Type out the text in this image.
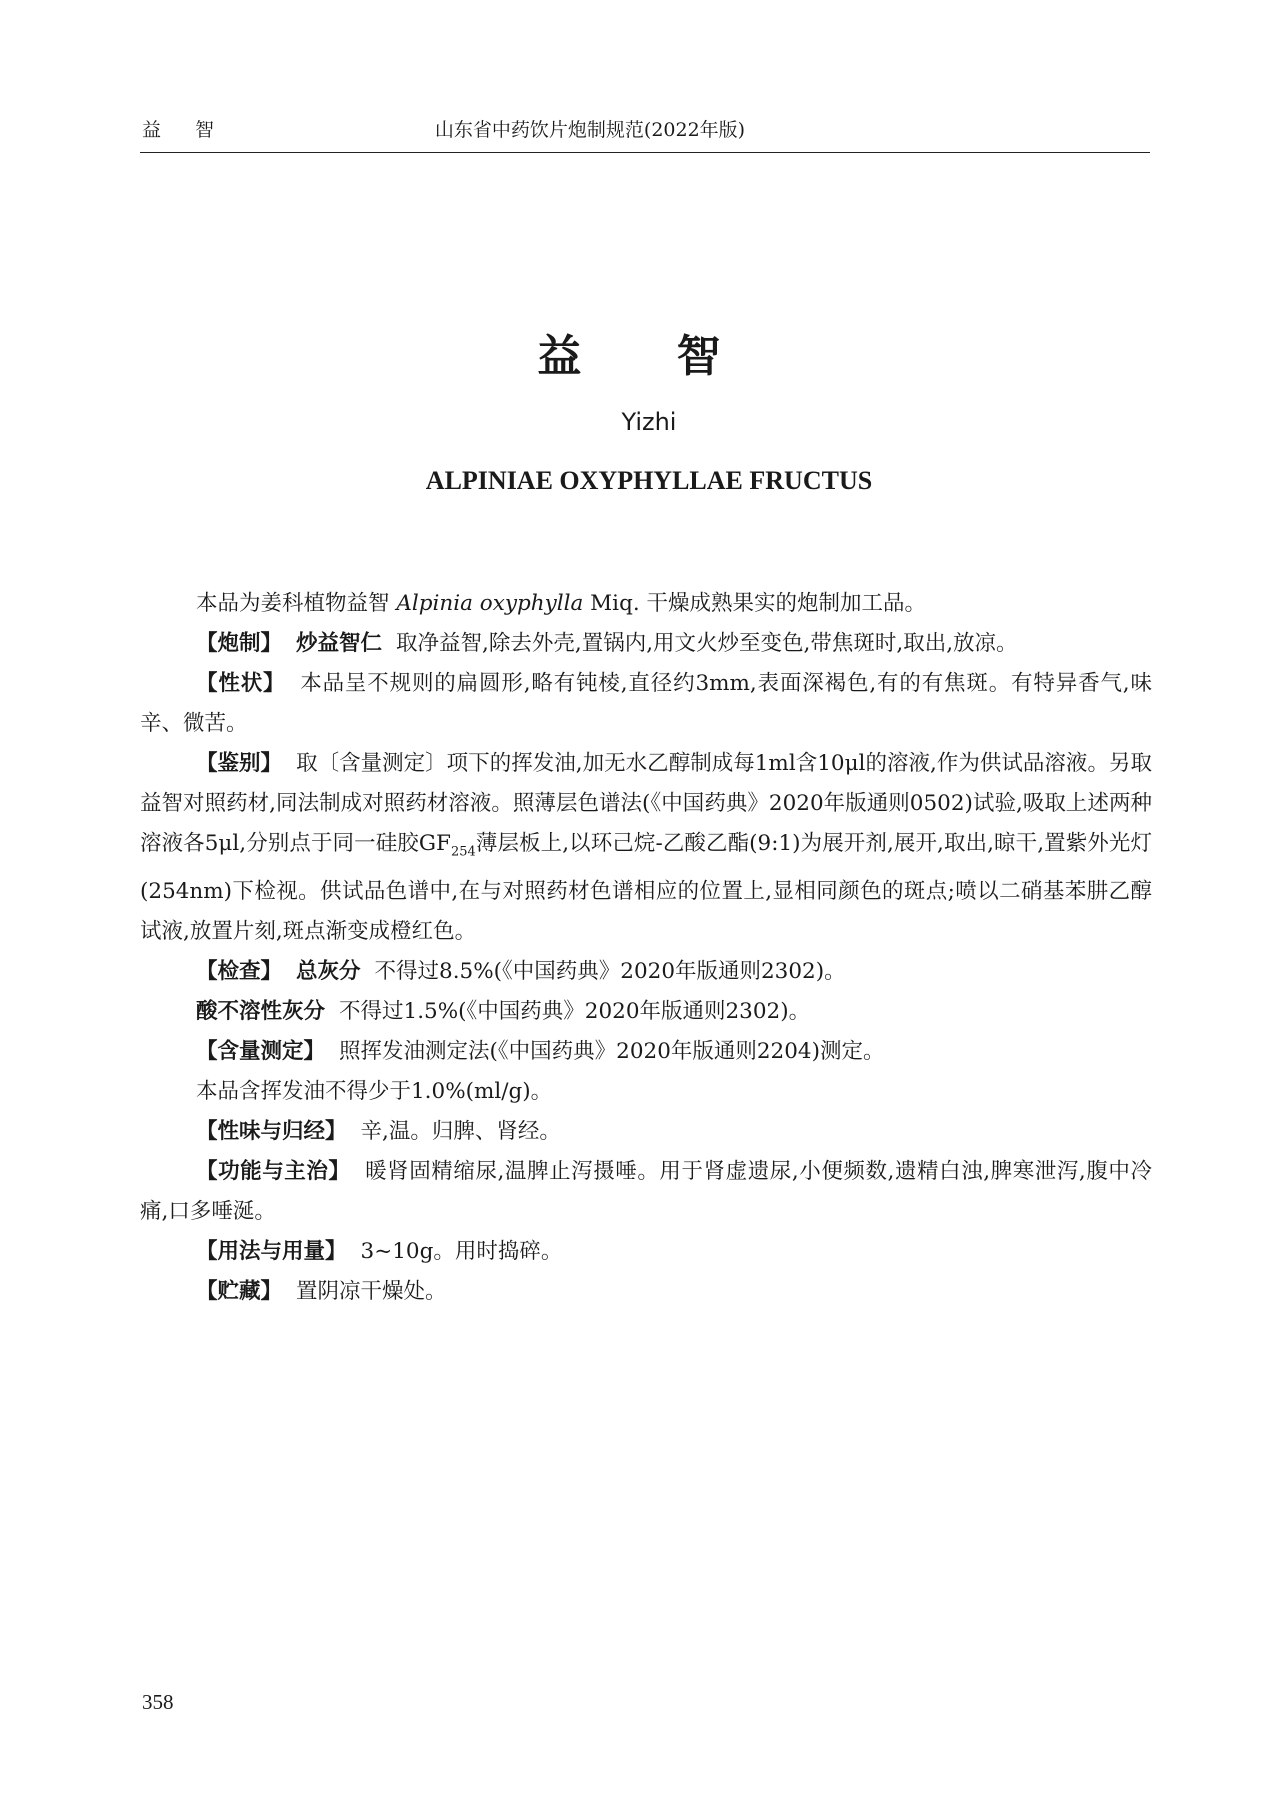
益 智	山东省中药饮片炮制规范(2022年版)
益 智
Yizhi
ALPINIAE OXYPHYLLAE FRUCTUS

本品为姜科植物益智 Alpinia oxyphylla Miq. 干燥成熟果实的炮制加工品。

【炮制】 炒益智仁 取净益智,除去外壳,置锅内,用文火炒至变色,带焦斑时,取出,放凉。

【性状】 本品呈不规则的扁圆形,略有钝棱,直径约3mm,表面深褐色,有的有焦斑。有特异香气,味辛、微苦。

【鉴别】 取〔含量测定〕项下的挥发油,加无水乙醇制成每1ml含10μl的溶液,作为供试品溶液。另取益智对照药材,同法制成对照药材溶液。照薄层色谱法(《中国药典》2020年版通则0502)试验,吸取上述两种溶液各5μl,分别点于同一硅胶$GF_{254}$薄层板上,以环己烷-乙酸乙酯(9:1)为展开剂,展开,取出,晾干,置紫外光灯(254nm)下检视。供试品色谱中,在与对照药材色谱相应的位置上,显相同颜色的斑点;喷以二硝基苯肼乙醇试液,放置片刻,斑点渐变成橙红色。

【检查】 总灰分 不得过8.5%(《中国药典》2020年版通则2302)。

酸不溶性灰分 不得过1.5%(《中国药典》2020年版通则2302)。

【含量测定】 照挥发油测定法(《中国药典》2020年版通则2204)测定。

本品含挥发油不得少于1.0%(ml/g)。

【性味与归经】 辛,温。归脾、肾经。

【功能与主治】 暖肾固精缩尿,温脾止泻摄唾。用于肾虚遗尿,小便频数,遗精白浊,脾寒泄泻,腹中冷痛,口多唾涎。

【用法与用量】 3~10g。用时捣碎。

【贮藏】 置阴凉干燥处。

358
